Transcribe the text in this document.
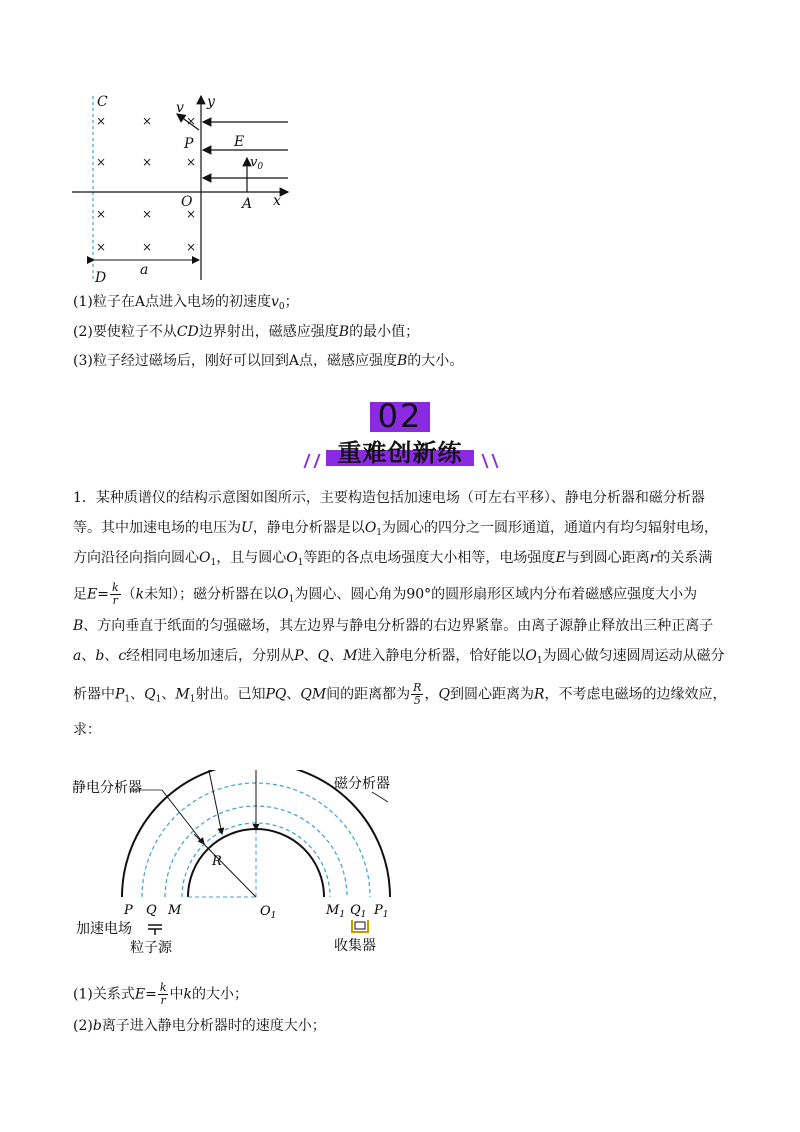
×	×	×
×	×	×
×	×	×
×	×	×
C
D
P
O	A x
y
v
E
$v_0$
a
(1)粒子在A点进入电场的初速度$v_0$；
(2)要使粒子不从CD边界射出，磁感应强度B的最小值；
(3)粒子经过磁场后，刚好可以回到A点，磁感应强度B的大小。
02
重难创新练

1．某种质谱仪的结构示意图如图所示，主要构造包括加速电场（可左右平移）、静电分析器和磁分析器

等。其中加速电场的电压为U，静电分析器是以$O_1$为圆心的四分之一圆形通道，通道内有均匀辐射电场，

方向沿径向指向圆心$O_1$，且与圆心$O_1$等距的各点电场强度大小相等，电场强度E与到圆心距离r的关系满

足$E= \frac{k}{r} (k$未知）；磁分析器在以$O_1$为圆心、圆心角为90°的圆形扇形区域内分布着磁感应强度大小为

B、方向垂直于纸面的匀强磁场，其左边界与静电分析器的右边界紧靠。由离子源静止释放出三种正离子

a、b、c经相同电场加速后，分别从P、Q、M进入静电分析器，恰好能以$O_1$为圆心做匀速圆周运动从磁分

析器中$P_1$、$Q_1$、$M_1$射出。已知PQ、QM间的距离都为 $\frac{R}{5}$ ，Q到圆心距离为R，不考虑电磁场的边缘效应，

求：

静电分析器	磁分析器
R
$O_1$
P Q M	$M_1$ $Q_1$ $P_1$
加速电场
粒子源	收集器
(1)关系式$E= \frac{k}{r}$ 中k的大小；
(2)b离子进入静电分析器时的速度大小；
